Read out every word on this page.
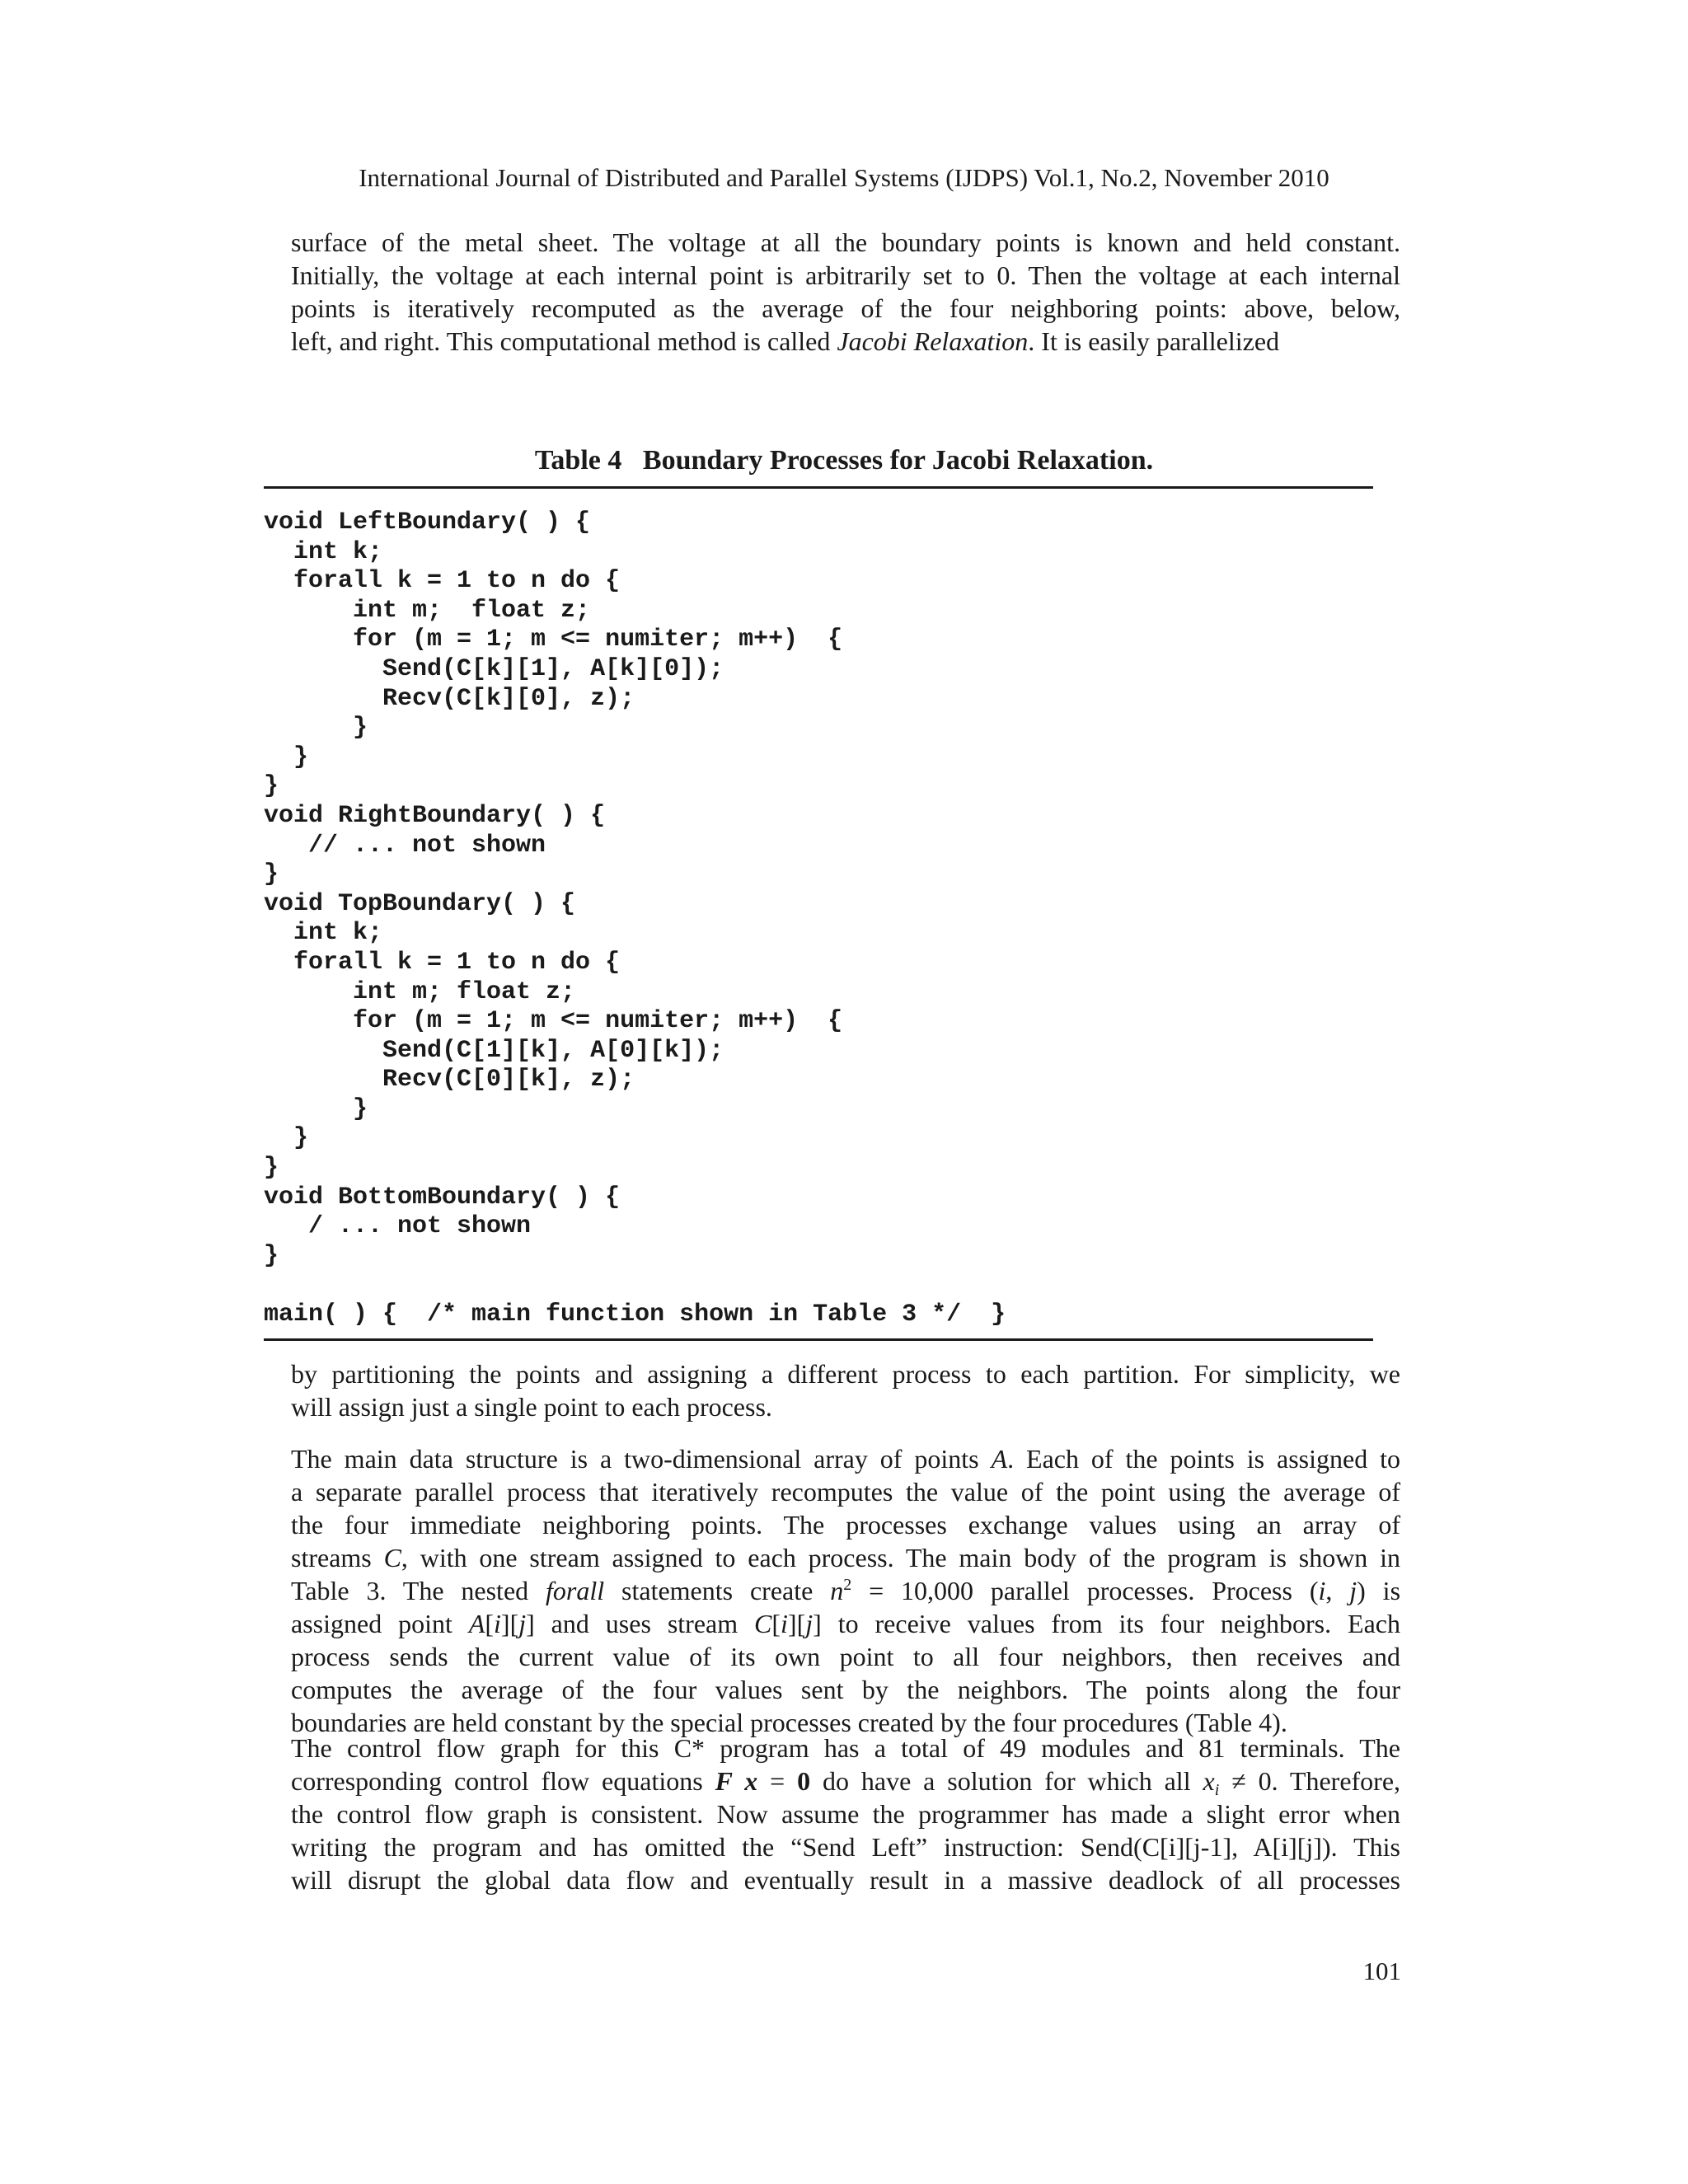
International Journal of Distributed and Parallel Systems (IJDPS) Vol.1, No.2, November 2010
surface of the metal sheet. The voltage at all the boundary points is known and held constant.
Initially, the voltage at each internal point is arbitrarily set to 0. Then the voltage at each internal
points is iteratively recomputed as the average of the four neighboring points: above, below,
left, and right. This computational method is called Jacobi Relaxation. It is easily parallelized
Table 4 Boundary Processes for Jacobi Relaxation.
void LeftBoundary( ) {
int k;
forall k = 1 to n do {
int m;  float z;
for (m = 1; m <= numiter; m++)  {
Send(C[k][1], A[k][0]);
Recv(C[k][0], z);
}
}
}
void RightBoundary( ) {
// ... not shown
}
void TopBoundary( ) {
int k;
forall k = 1 to n do {
int m; float z;
for (m = 1; m <= numiter; m++)  {
Send(C[1][k], A[0][k]);
Recv(C[0][k], z);
}
}
}
void BottomBoundary( ) {
/ ... not shown
}
main( ) {  /* main function shown in Table 3 */  }
by partitioning the points and assigning a different process to each partition. For simplicity, we
will assign just a single point to each process.
The main data structure is a two-dimensional array of points A. Each of the points is assigned to
a separate parallel process that iteratively recomputes the value of the point using the average of
the four immediate neighboring points. The processes exchange values using an array of
streams C, with one stream assigned to each process. The main body of the program is shown in
Table 3. The nested forall statements create $n^2 = 10,000$ parallel processes. Process (i, j) is
assigned point A[i][j] and uses stream C[i][j] to receive values from its four neighbors. Each
process sends the current value of its own point to all four neighbors, then receives and
computes the average of the four values sent by the neighbors. The points along the four
boundaries are held constant by the special processes created by the four procedures (Table 4).
The control flow graph for this C* program has a total of 49 modules and 81 terminals. The
corresponding control flow equations F x = 0 do have a solution for which all $x_i \ne 0$. Therefore,
the control flow graph is consistent. Now assume the programmer has made a slight error when
writing the program and has omitted the “Send Left” instruction: Send(C[i][j-1], A[i][j]). This
will disrupt the global data flow and eventually result in a massive deadlock of all processes
101
